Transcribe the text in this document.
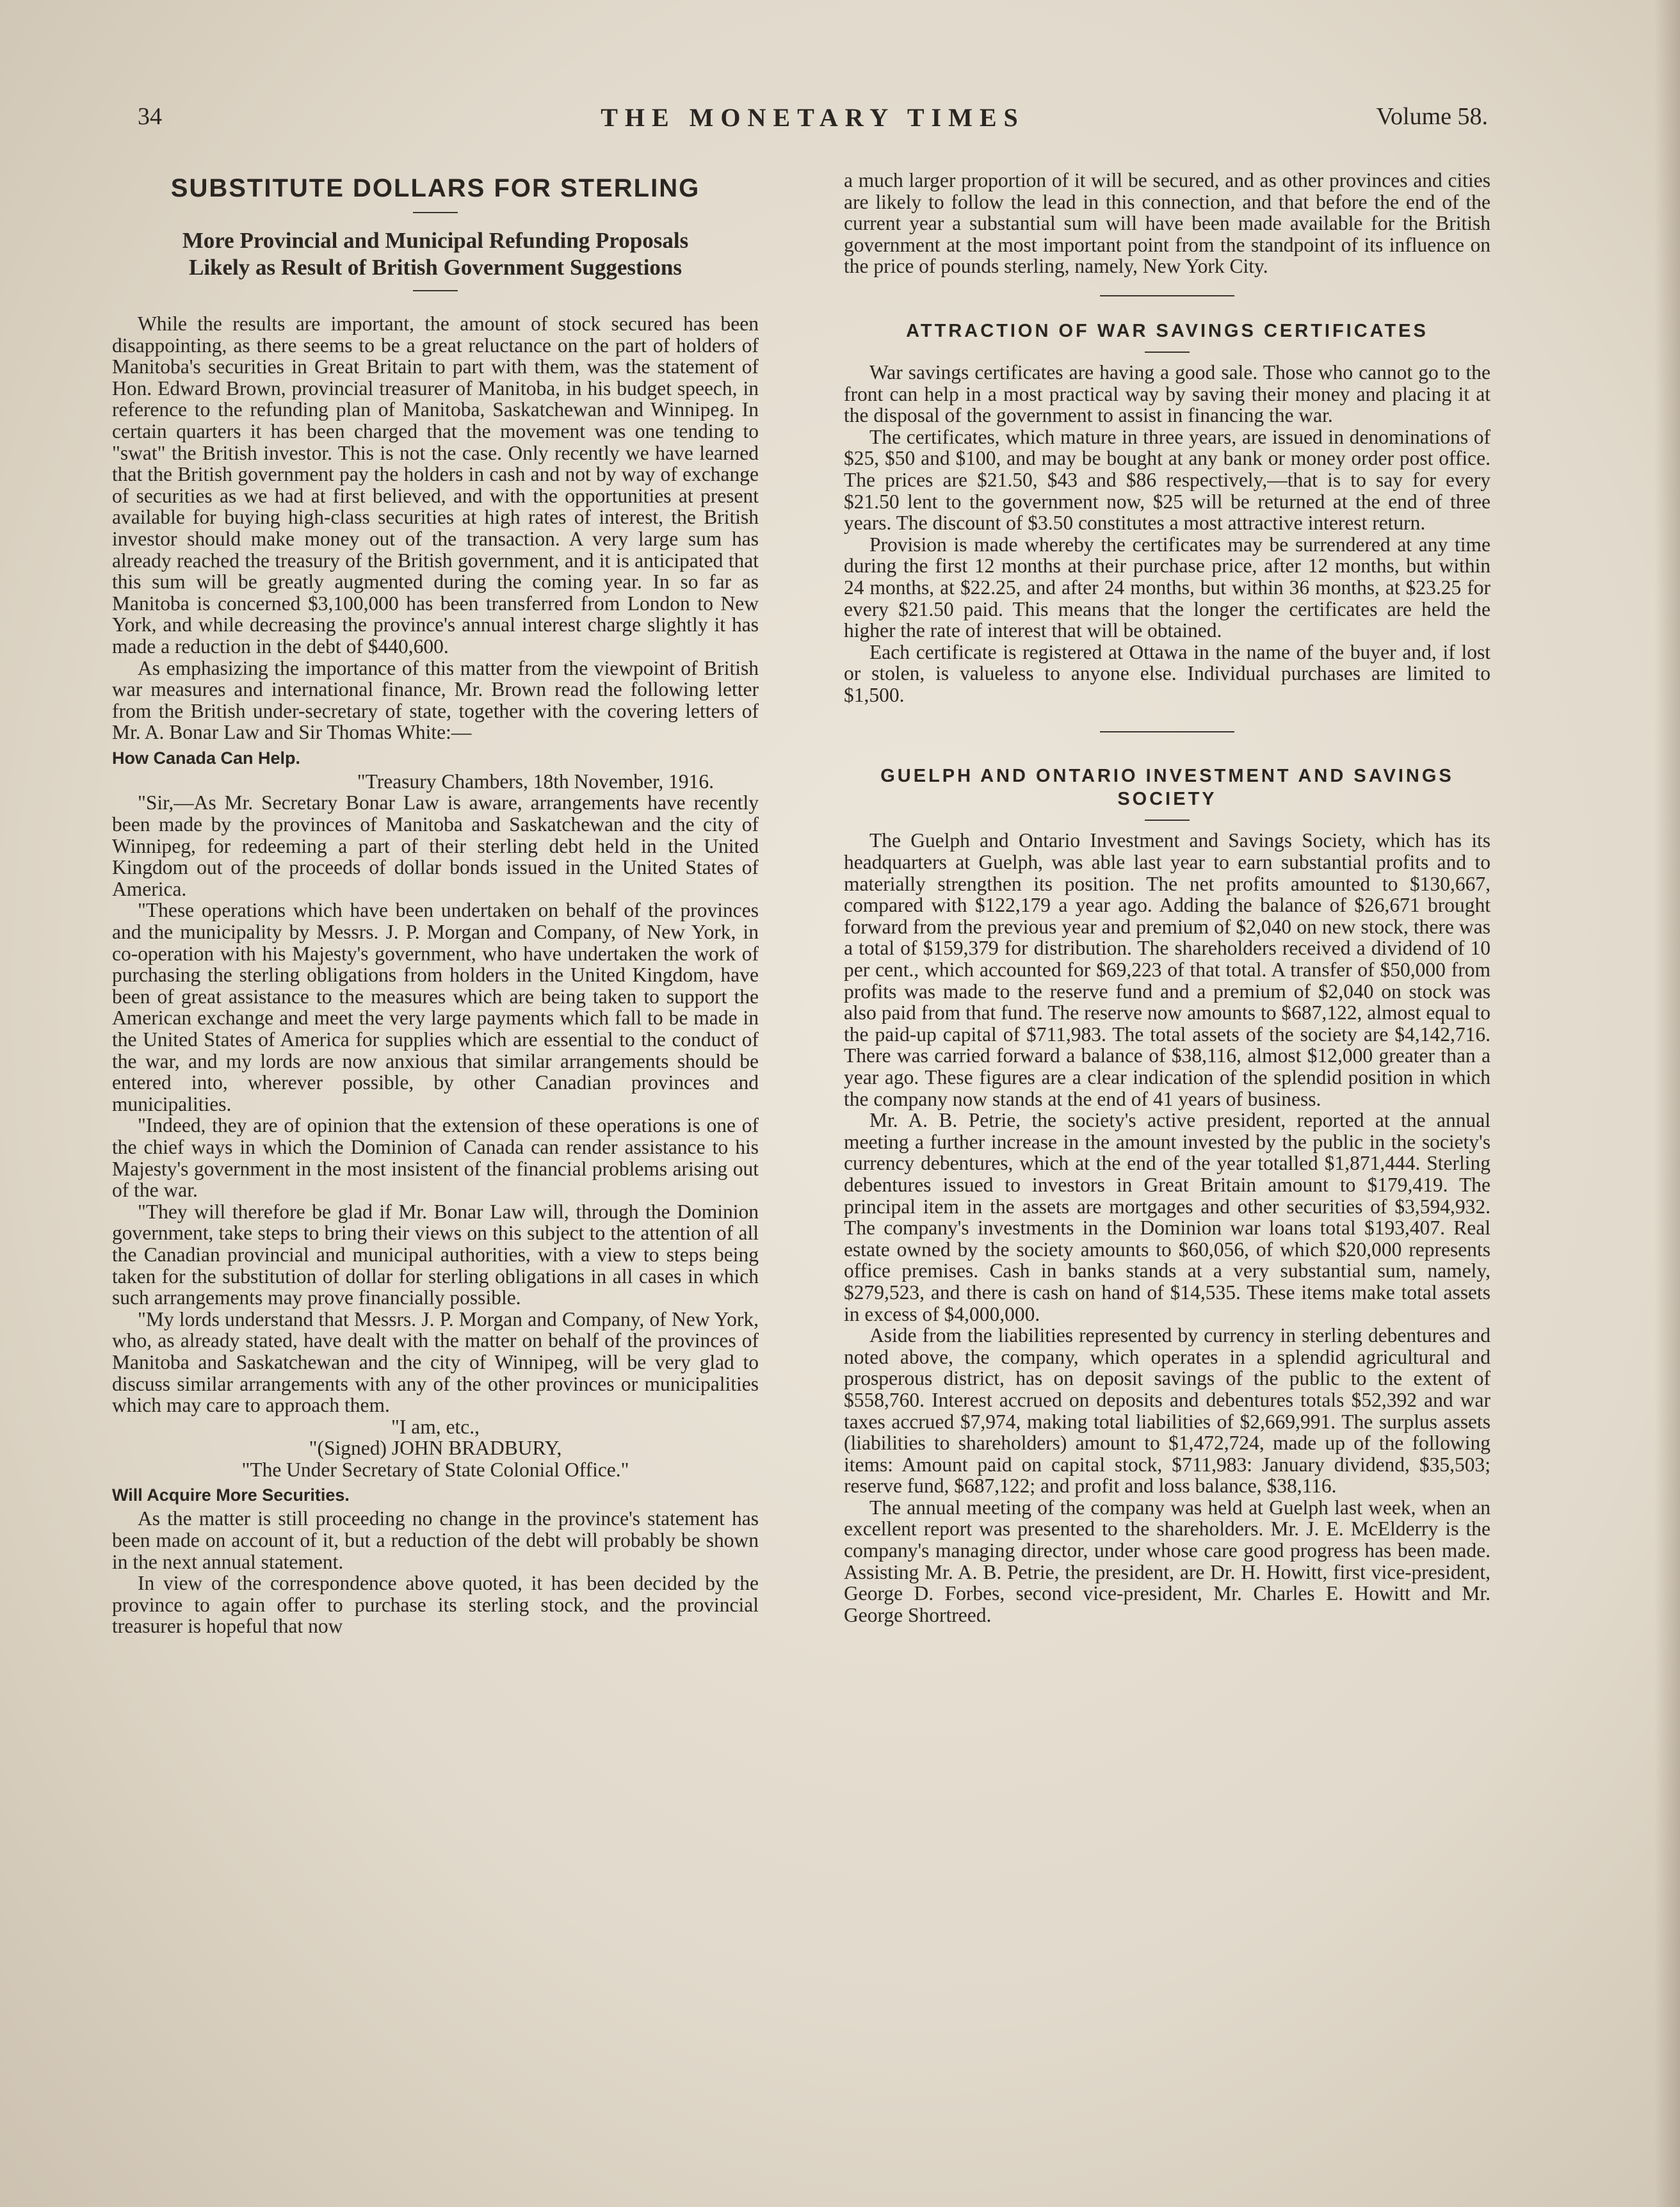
34	THE MONETARY TIMES	Volume 58.
SUBSTITUTE DOLLARS FOR STERLING
More Provincial and Municipal Refunding Proposals
Likely as Result of British Government Suggestions

While the results are important, the amount of stock secured has been disappointing, as there seems to be a great reluctance on the part of holders of Manitoba's securities in Great Britain to part with them, was the statement of Hon. Edward Brown, provincial treasurer of Manitoba, in his budget speech, in reference to the refunding plan of Manitoba, Saskatchewan and Winnipeg. In certain quarters it has been charged that the movement was one tending to "swat" the British investor. This is not the case. Only recently we have learned that the British government pay the holders in cash and not by way of exchange of securities as we had at first believed, and with the opportunities at present available for buying high-class securities at high rates of interest, the British investor should make money out of the transaction. A very large sum has already reached the treasury of the British government, and it is anticipated that this sum will be greatly augmented during the coming year. In so far as Manitoba is concerned $3,100,000 has been transferred from London to New York, and while decreasing the province's annual interest charge slightly it has made a reduction in the debt of $440,600.

As emphasizing the importance of this matter from the viewpoint of British war measures and international finance, Mr. Brown read the following letter from the British under-secretary of state, together with the covering letters of Mr. A. Bonar Law and Sir Thomas White:—

How Canada Can Help.

"Treasury Chambers, 18th November, 1916.

"Sir,—As Mr. Secretary Bonar Law is aware, arrangements have recently been made by the provinces of Manitoba and Saskatchewan and the city of Winnipeg, for redeeming a part of their sterling debt held in the United Kingdom out of the proceeds of dollar bonds issued in the United States of America.

"These operations which have been undertaken on behalf of the provinces and the municipality by Messrs. J. P. Morgan and Company, of New York, in co-operation with his Majesty's government, who have undertaken the work of purchasing the sterling obligations from holders in the United Kingdom, have been of great assistance to the measures which are being taken to support the American exchange and meet the very large payments which fall to be made in the United States of America for supplies which are essential to the conduct of the war, and my lords are now anxious that similar arrangements should be entered into, wherever possible, by other Canadian provinces and municipalities.

"Indeed, they are of opinion that the extension of these operations is one of the chief ways in which the Dominion of Canada can render assistance to his Majesty's government in the most insistent of the financial problems arising out of the war.

"They will therefore be glad if Mr. Bonar Law will, through the Dominion government, take steps to bring their views on this subject to the attention of all the Canadian provincial and municipal authorities, with a view to steps being taken for the substitution of dollar for sterling obligations in all cases in which such arrangements may prove financially possible.

"My lords understand that Messrs. J. P. Morgan and Company, of New York, who, as already stated, have dealt with the matter on behalf of the provinces of Manitoba and Saskatchewan and the city of Winnipeg, will be very glad to discuss similar arrangements with any of the other provinces or municipalities which may care to approach them.

"I am, etc.,

"(Signed) JOHN BRADBURY,

"The Under Secretary of State Colonial Office."

Will Acquire More Securities.

As the matter is still proceeding no change in the province's statement has been made on account of it, but a reduction of the debt will probably be shown in the next annual statement.

In view of the correspondence above quoted, it has been decided by the province to again offer to purchase its sterling stock, and the provincial treasurer is hopeful that now

a much larger proportion of it will be secured, and as other provinces and cities are likely to follow the lead in this connection, and that before the end of the current year a substantial sum will have been made available for the British government at the most important point from the standpoint of its influence on the price of pounds sterling, namely, New York City.

ATTRACTION OF WAR SAVINGS CERTIFICATES

War savings certificates are having a good sale. Those who cannot go to the front can help in a most practical way by saving their money and placing it at the disposal of the government to assist in financing the war.

The certificates, which mature in three years, are issued in denominations of $25, $50 and $100, and may be bought at any bank or money order post office. The prices are $21.50, $43 and $86 respectively,—that is to say for every $21.50 lent to the government now, $25 will be returned at the end of three years. The discount of $3.50 constitutes a most attractive interest return.

Provision is made whereby the certificates may be surrendered at any time during the first 12 months at their purchase price, after 12 months, but within 24 months, at $22.25, and after 24 months, but within 36 months, at $23.25 for every $21.50 paid. This means that the longer the certificates are held the higher the rate of interest that will be obtained.

Each certificate is registered at Ottawa in the name of the buyer and, if lost or stolen, is valueless to anyone else. Individual purchases are limited to $1,500.

GUELPH AND ONTARIO INVESTMENT AND SAVINGS
SOCIETY

The Guelph and Ontario Investment and Savings Society, which has its headquarters at Guelph, was able last year to earn substantial profits and to materially strengthen its position. The net profits amounted to $130,667, compared with $122,179 a year ago. Adding the balance of $26,671 brought forward from the previous year and premium of $2,040 on new stock, there was a total of $159,379 for distribution. The shareholders received a dividend of 10 per cent., which accounted for $69,223 of that total. A transfer of $50,000 from profits was made to the reserve fund and a premium of $2,040 on stock was also paid from that fund. The reserve now amounts to $687,122, almost equal to the paid-up capital of $711,983. The total assets of the society are $4,142,716. There was carried forward a balance of $38,116, almost $12,000 greater than a year ago. These figures are a clear indication of the splendid position in which the company now stands at the end of 41 years of business.

Mr. A. B. Petrie, the society's active president, reported at the annual meeting a further increase in the amount invested by the public in the society's currency debentures, which at the end of the year totalled $1,871,444. Sterling debentures issued to investors in Great Britain amount to $179,419. The principal item in the assets are mortgages and other securities of $3,594,932. The company's investments in the Dominion war loans total $193,407. Real estate owned by the society amounts to $60,056, of which $20,000 represents office premises. Cash in banks stands at a very substantial sum, namely, $279,523, and there is cash on hand of $14,535. These items make total assets in excess of $4,000,000.

Aside from the liabilities represented by currency in sterling debentures and noted above, the company, which operates in a splendid agricultural and prosperous district, has on deposit savings of the public to the extent of $558,760. Interest accrued on deposits and debentures totals $52,392 and war taxes accrued $7,974, making total liabilities of $2,669,991. The surplus assets (liabilities to shareholders) amount to $1,472,724, made up of the following items: Amount paid on capital stock, $711,983: January dividend, $35,503; reserve fund, $687,122; and profit and loss balance, $38,116.

The annual meeting of the company was held at Guelph last week, when an excellent report was presented to the shareholders. Mr. J. E. McElderry is the company's managing director, under whose care good progress has been made. Assisting Mr. A. B. Petrie, the president, are Dr. H. Howitt, first vice-president, George D. Forbes, second vice-president, Mr. Charles E. Howitt and Mr. George Shortreed.
